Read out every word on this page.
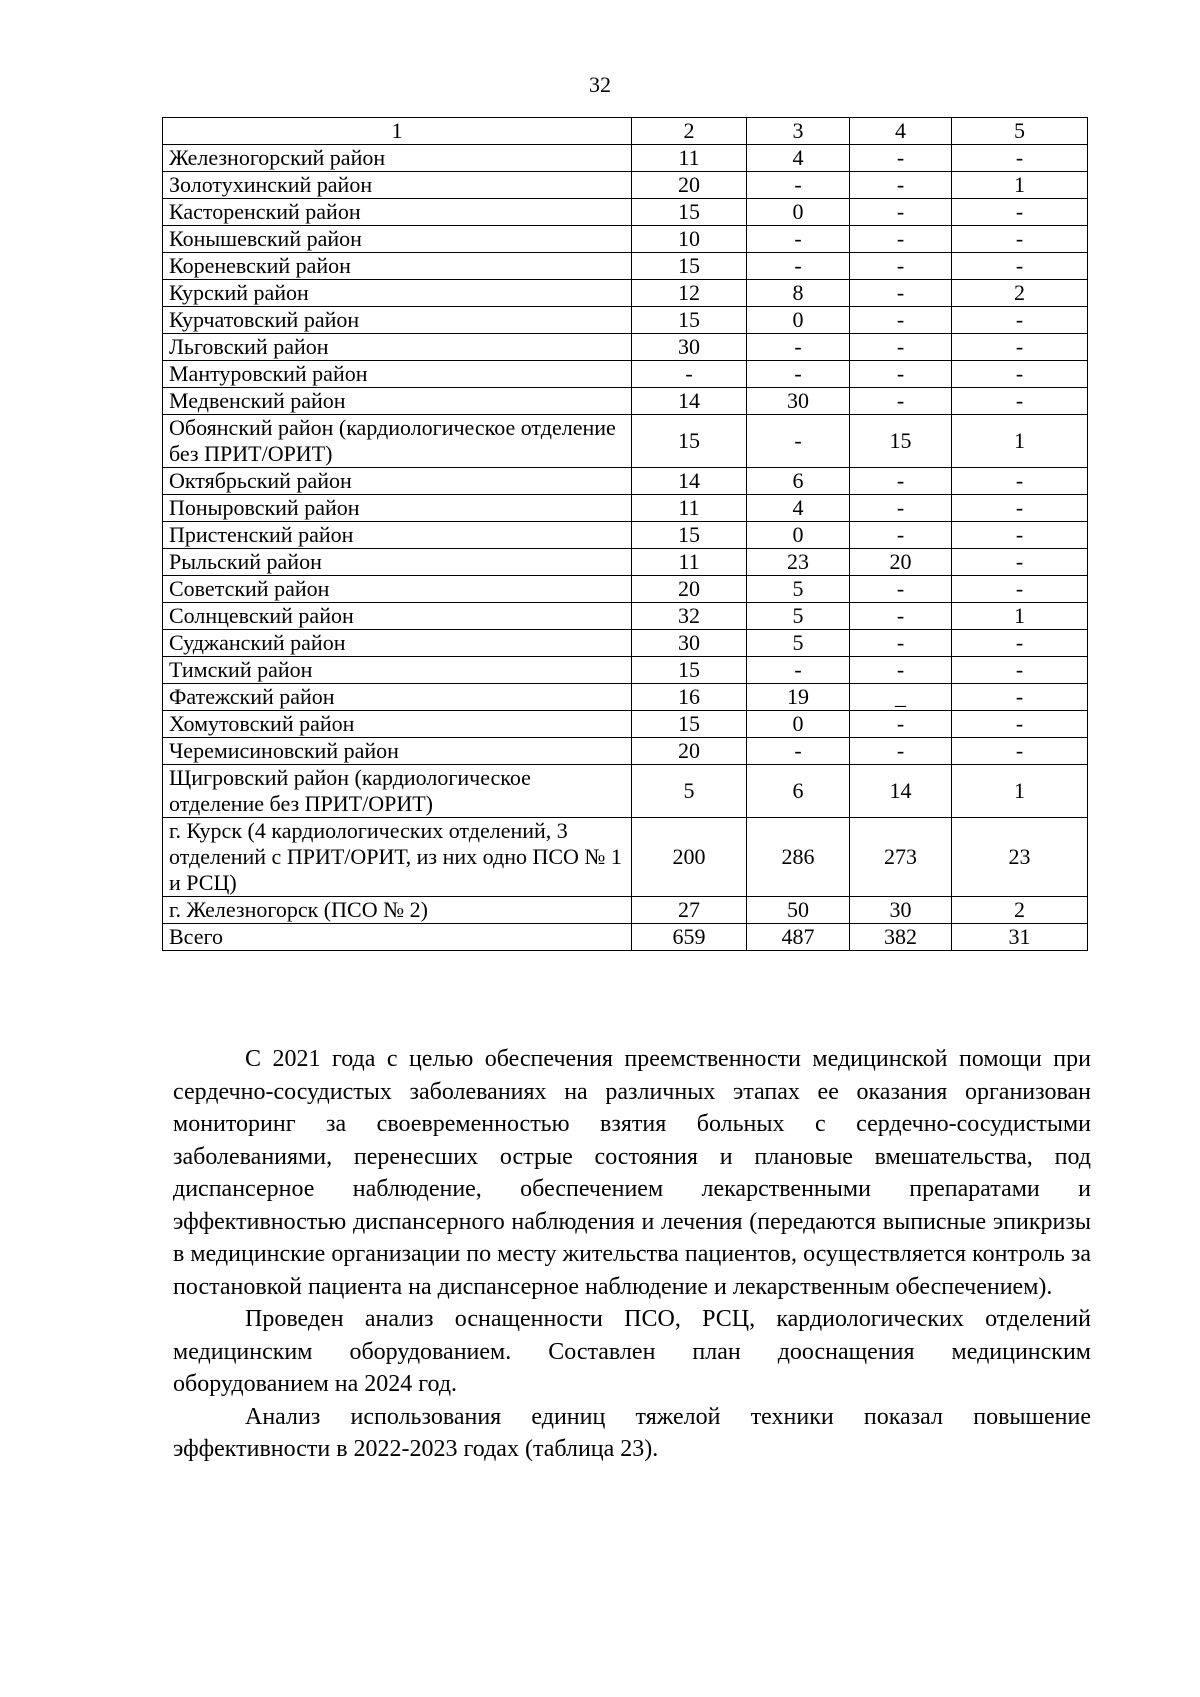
32
1	2	3	4	5
Железногорский район	11	4	-	-
Золотухинский район	20	-	-	1
Касторенский район	15	0	-	-
Конышевский район	10	-	-	-
Кореневский район	15	-	-	-
Курский район	12	8	-	2
Курчатовский район	15	0	-	-
Льговский район	30	-	-	-
Мантуровский район	-	-	-	-
Медвенский район	14	30	-	-
Обоянский район (кардиологическое отделение без ПРИТ/ОРИТ)	15	-	15	1
Октябрьский район	14	6	-	-
Поныровский район	11	4	-	-
Пристенский район	15	0	-	-
Рыльский район	11	23	20	-
Советский район	20	5	-	-
Солнцевский район	32	5	-	1
Суджанский район	30	5	-	-
Тимский район	15	-	-	-
Фатежский район	16	19	_	-
Хомутовский район	15	0	-	-
Черемисиновский район	20	-	-	-
Щигровский район (кардиологическое отделение без ПРИТ/ОРИТ)	5	6	14	1
г. Курск (4 кардиологических отделений, 3 отделений с ПРИТ/ОРИТ, из них одно ПСО № 1 и РСЦ)	200	286	273	23
г. Железногорск (ПСО № 2)	27	50	30	2
Всего	659	487	382	31

С 2021 года с целью обеспечения преемственности медицинской помощи при сердечно-сосудистых заболеваниях на различных этапах ее оказания организован мониторинг за своевременностью взятия больных с сердечно-сосудистыми заболеваниями, перенесших острые состояния и плановые вмешательства, под диспансерное наблюдение, обеспечением лекарственными препаратами и эффективностью диспансерного наблюдения и лечения (передаются выписные эпикризы в медицинские организации по месту жительства пациентов, осуществляется контроль за постановкой пациента на диспансерное наблюдение и лекарственным обеспечением).

Проведен анализ оснащенности ПСО, РСЦ, кардиологических отделений медицинским оборудованием. Составлен план дооснащения медицинским оборудованием на 2024 год.

Анализ использования единиц тяжелой техники показал повышение эффективности в 2022-2023 годах (таблица 23).
